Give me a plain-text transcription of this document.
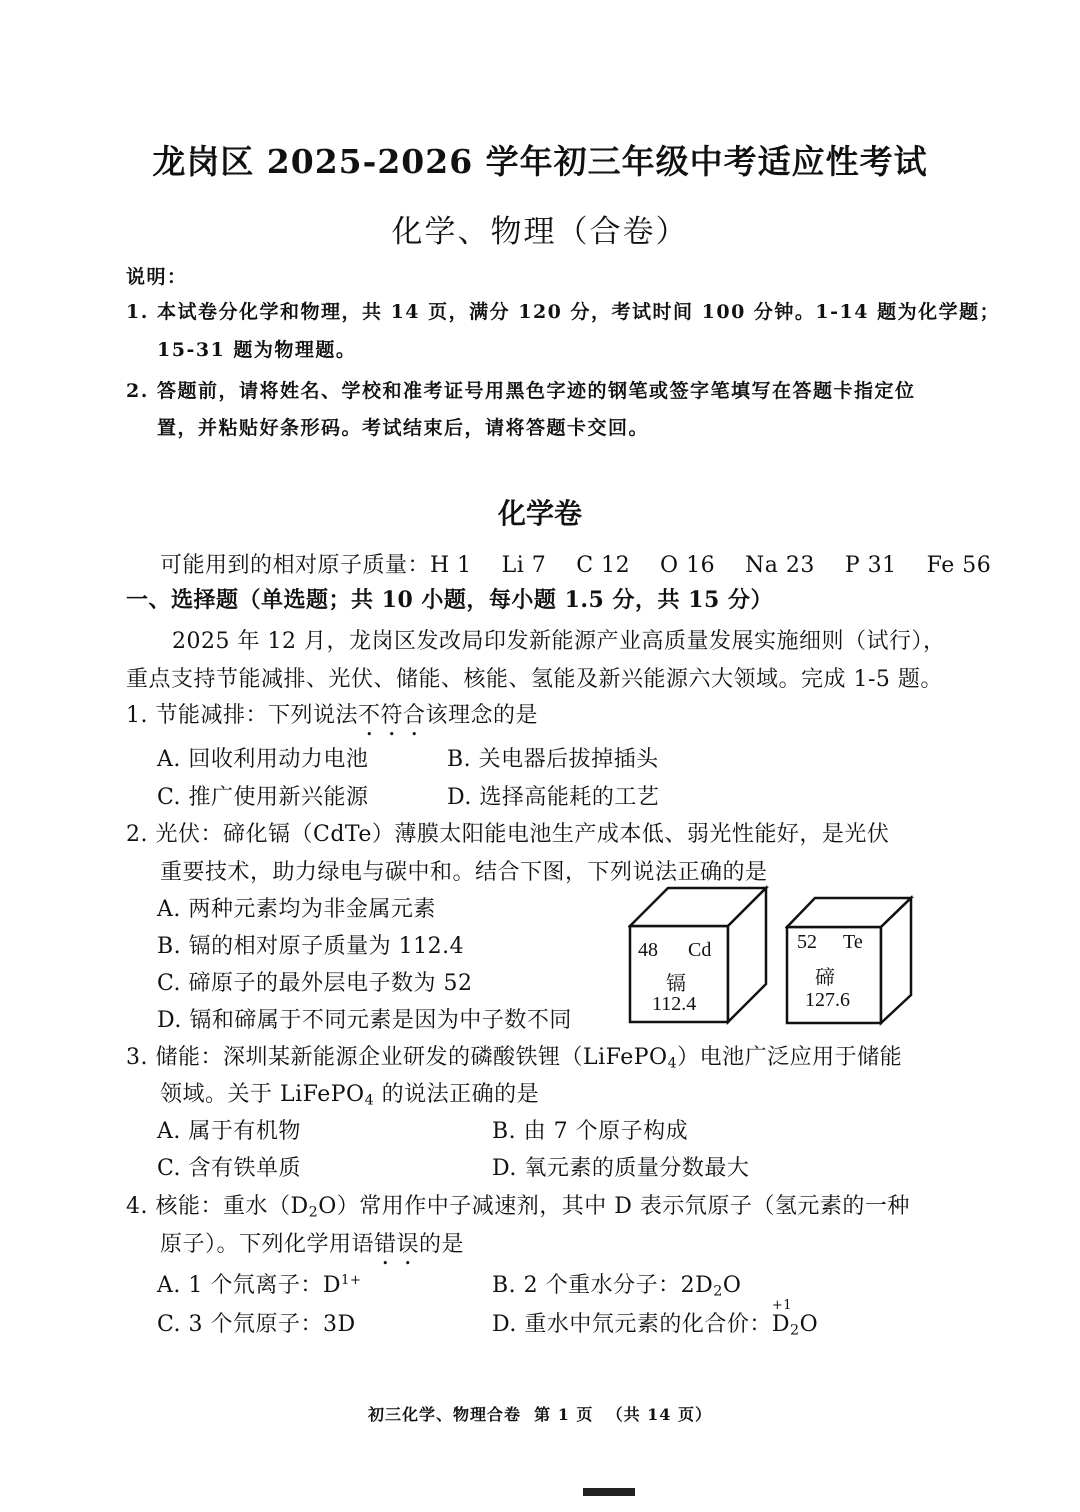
龙岗区 2025-2026 学年初三年级中考适应性考试
化学、物理（合卷）
说明：
1. 本试卷分化学和物理，共 14 页，满分 120 分，考试时间 100 分钟。1-14 题为化学题；
15-31 题为物理题。
2. 答题前，请将姓名、学校和准考证号用黑色字迹的钢笔或签字笔填写在答题卡指定位
置，并粘贴好条形码。考试结束后，请将答题卡交回。
化学卷
可能用到的相对原子质量：H 1    Li 7    C 12    O 16    Na 23    P 31    Fe 56
一、选择题（单选题；共 10 小题，每小题 1.5 分，共 15 分）
2025 年 12 月，龙岗区发改局印发新能源产业高质量发展实施细则（试行），
重点支持节能减排、光伏、储能、核能、氢能及新兴能源六大领域。完成 1-5 题。
1. 节能减排：下列说法不符合该理念的是
A. 回收利用动力电池	B. 关电器后拔掉插头
C. 推广使用新兴能源	D. 选择高能耗的工艺
2. 光伏：碲化镉（CdTe）薄膜太阳能电池生产成本低、弱光性能好，是光伏
重要技术，助力绿电与碳中和。结合下图，下列说法正确的是
A. 两种元素均为非金属元素
B. 镉的相对原子质量为 112.4
C. 碲原子的最外层电子数为 52
D. 镉和碲属于不同元素是因为中子数不同
48 Cd
镉
112.4
52 Te
碲
127.6
3. 储能：深圳某新能源企业研发的磷酸铁锂（LiFePO$_4$）电池广泛应用于储能
领域。关于 LiFePO$_4$ 的说法正确的是
A. 属于有机物	B. 由 7 个原子构成
C. 含有铁单质	D. 氧元素的质量分数最大
4. 核能：重水$(D_2O)$常用作中子减速剂，其中 D 表示氘原子（氢元素的一种
原子）。下列化学用语错误的是
A. 1 个氘离子：$D^{1+}$	B. 2 个重水分子：$2D_2O$
C. 3 个氘原子：3D	D. 重水中氘元素的化合价：
+1
$D_2O$
初三化学、物理合卷  第 1 页  （共 14 页）
